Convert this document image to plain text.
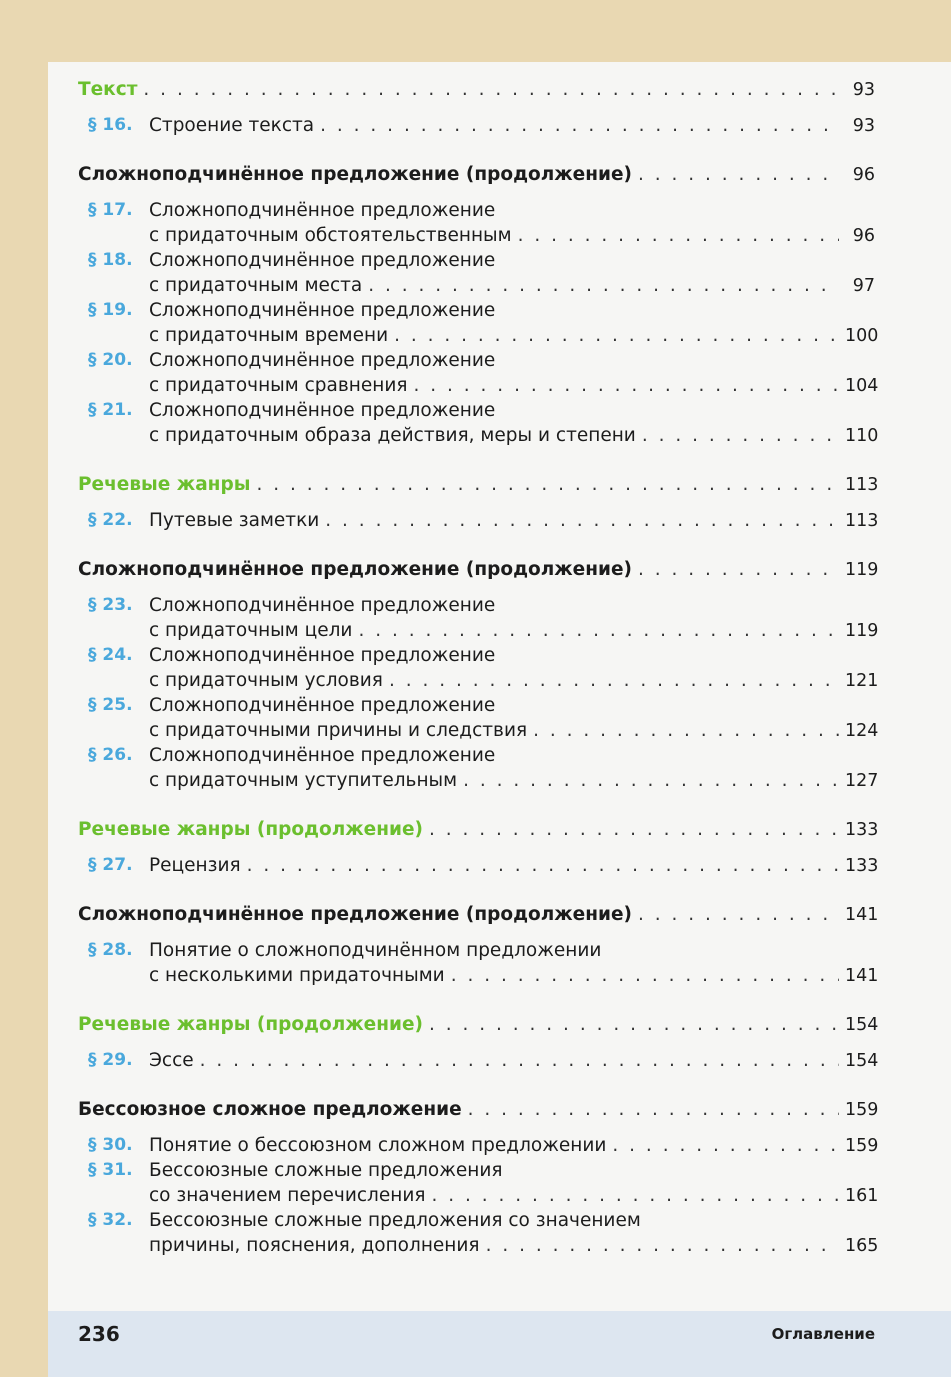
Текст . . .	93
§ 16. Строение текста . . .	93
Сложноподчинённое предложение (продолжение) . . .	96
§ 17. Сложноподчинённое предложение
с придаточным обстоятельственным . . .	96
§ 18. Сложноподчинённое предложение
с придаточным места . . .	97
§ 19. Сложноподчинённое предложение
с придаточным времени . . .	100
§ 20. Сложноподчинённое предложение
с придаточным сравнения . . .	104
§ 21. Сложноподчинённое предложение
с придаточным образа действия, меры и степени . . .	110
Речевые жанры . . .	113
§ 22. Путевые заметки . . .	113
Сложноподчинённое предложение (продолжение) . . .	119
§ 23. Сложноподчинённое предложение
с придаточным цели . . .	119
§ 24. Сложноподчинённое предложение
с придаточным условия . . .	121
§ 25. Сложноподчинённое предложение
с придаточными причины и следствия . . .	124
§ 26. Сложноподчинённое предложение
с придаточным уступительным . . .	127
Речевые жанры (продолжение) . . .	133
§ 27. Рецензия . . .	133
Сложноподчинённое предложение (продолжение) . . .	141
§ 28. Понятие о сложноподчинённом предложении
с несколькими придаточными . . .	141
Речевые жанры (продолжение) . . .	154
§ 29. Эссе . . .	154
Бессоюзное сложное предложение . . .	159
§ 30. Понятие о бессоюзном сложном предложении . . .	159
§ 31. Бессоюзные сложные предложения
со значением перечисления . . .	161
§ 32. Бессоюзные сложные предложения со значением
причины, пояснения, дополнения . . .	165
236	Оглавление
